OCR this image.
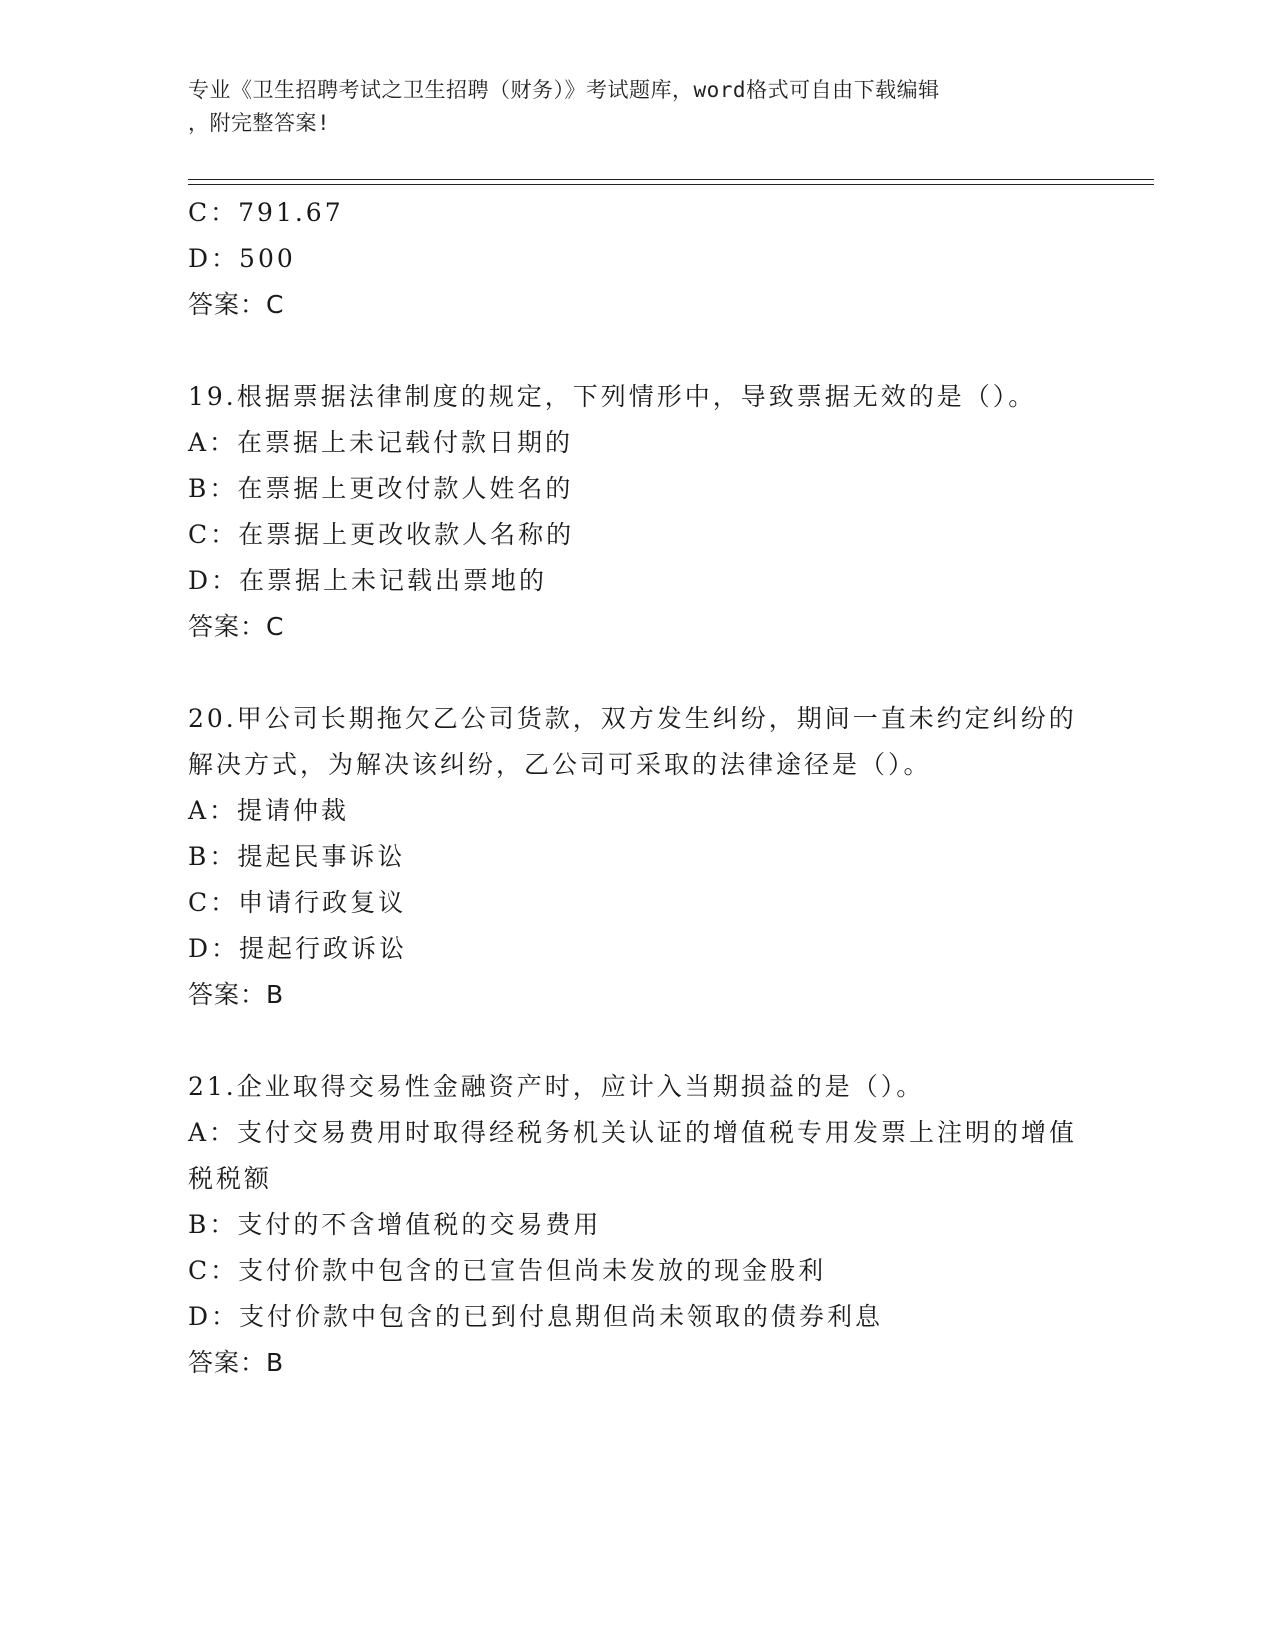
专业《卫生招聘考试之卫生招聘（财务）》考试题库，word格式可自由下载编辑
，附完整答案!
C：791.67
D：500
答案：C
19.根据票据法律制度的规定，下列情形中，导致票据无效的是（）。
A：在票据上未记载付款日期的
B：在票据上更改付款人姓名的
C：在票据上更改收款人名称的
D：在票据上未记载出票地的
答案：C
20.甲公司长期拖欠乙公司货款，双方发生纠纷，期间一直未约定纠纷的解决方式，为解决该纠纷，乙公司可采取的法律途径是（）。
A：提请仲裁
B：提起民事诉讼
C：申请行政复议
D：提起行政诉讼
答案：B
21.企业取得交易性金融资产时，应计入当期损益的是（）。
A：支付交易费用时取得经税务机关认证的增值税专用发票上注明的增值税税额
B：支付的不含增值税的交易费用
C：支付价款中包含的已宣告但尚未发放的现金股利
D：支付价款中包含的已到付息期但尚未领取的债券利息
答案：B
